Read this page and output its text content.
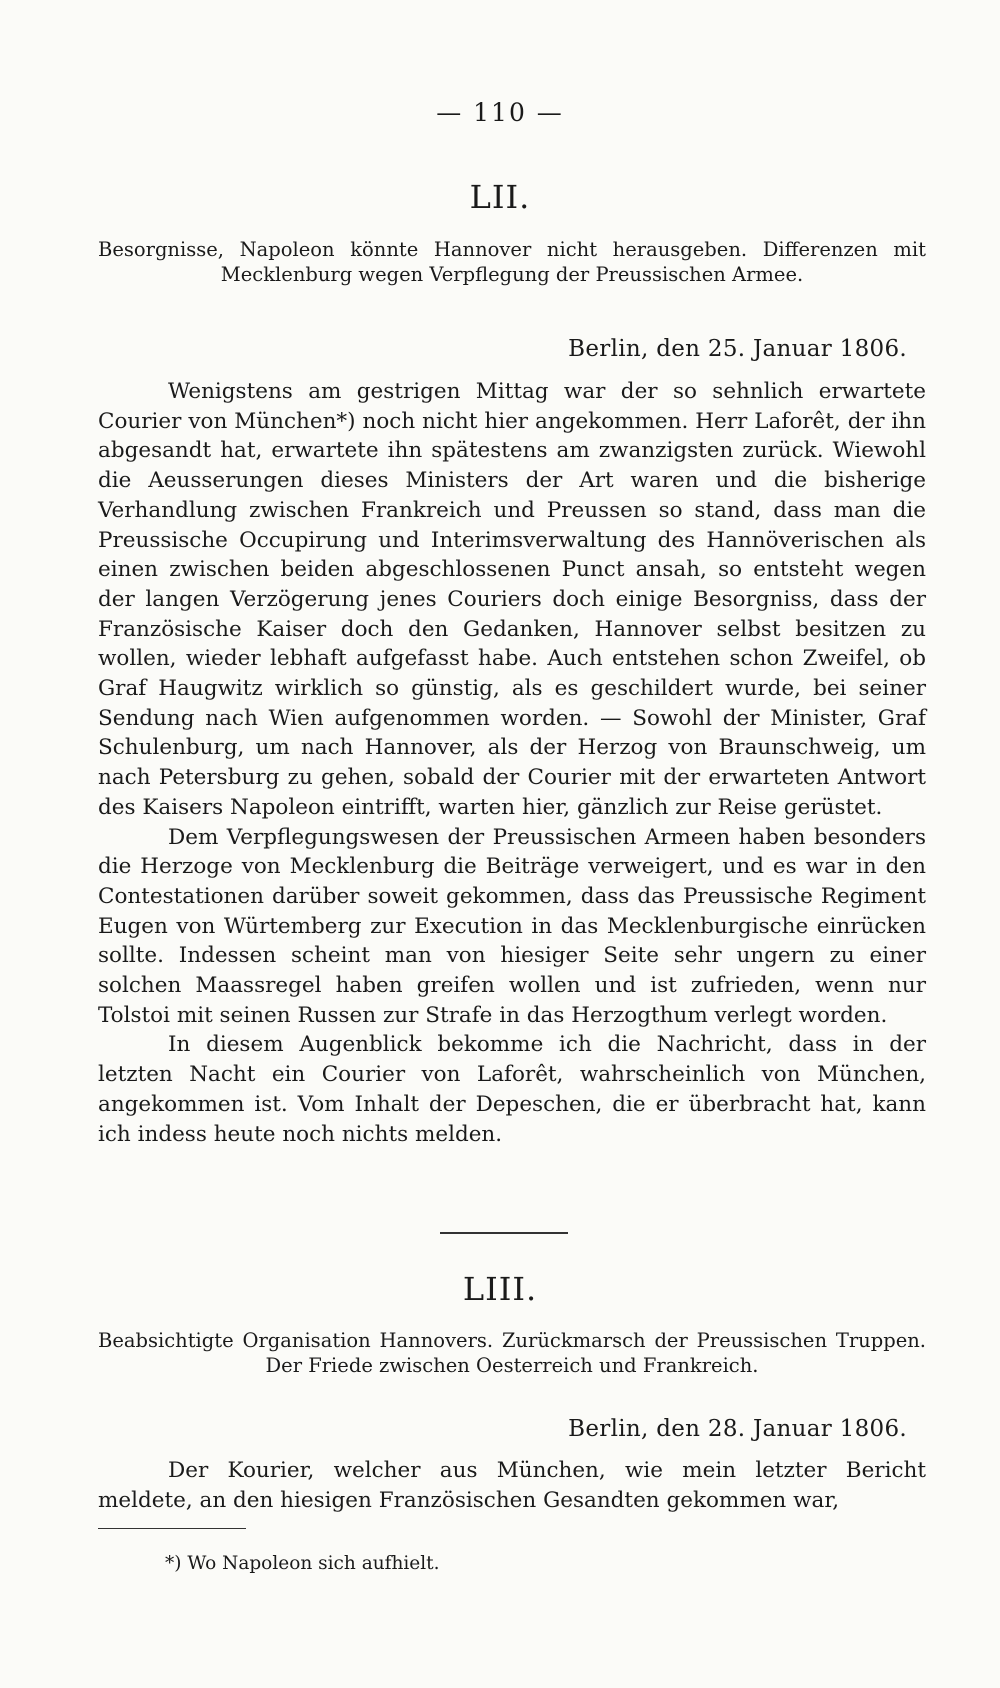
— 110 —
LII.
Besorgnisse, Napoleon könnte Hannover nicht herausgeben. Differenzen mit Mecklenburg wegen Verpflegung der Preussischen Armee.
Berlin, den 25. Januar 1806.

Wenigstens am gestrigen Mittag war der so sehnlich erwartete Courier von München*) noch nicht hier angekommen. Herr Laforêt, der ihn abgesandt hat, erwartete ihn spätestens am zwanzigsten zurück. Wiewohl die Aeusserungen dieses Ministers der Art waren und die bisherige Verhandlung zwischen Frankreich und Preussen so stand, dass man die Preussische Occupirung und Interimsverwaltung des Hannöverischen als einen zwischen beiden abgeschlossenen Punct ansah, so entsteht wegen der langen Verzögerung jenes Couriers doch einige Besorgniss, dass der Französische Kaiser doch den Gedanken, Hannover selbst besitzen zu wollen, wieder lebhaft aufgefasst habe. Auch entstehen schon Zweifel, ob Graf Haugwitz wirklich so günstig, als es geschildert wurde, bei seiner Sendung nach Wien aufgenommen worden. — Sowohl der Minister, Graf Schulenburg, um nach Hannover, als der Herzog von Braunschweig, um nach Petersburg zu gehen, sobald der Courier mit der erwarteten Antwort des Kaisers Napoleon eintrifft, warten hier, gänzlich zur Reise gerüstet.

Dem Verpflegungswesen der Preussischen Armeen haben besonders die Herzoge von Mecklenburg die Beiträge verweigert, und es war in den Contestationen darüber soweit gekommen, dass das Preussische Regiment Eugen von Würtemberg zur Execution in das Mecklenburgische einrücken sollte. Indessen scheint man von hiesiger Seite sehr ungern zu einer solchen Maassregel haben greifen wollen und ist zufrieden, wenn nur Tolstoi mit seinen Russen zur Strafe in das Herzogthum verlegt worden.

In diesem Augenblick bekomme ich die Nachricht, dass in der letzten Nacht ein Courier von Laforêt, wahrscheinlich von München, angekommen ist. Vom Inhalt der Depeschen, die er überbracht hat, kann ich indess heute noch nichts melden.

LIII.
Beabsichtigte Organisation Hannovers. Zurückmarsch der Preussischen Truppen. Der Friede zwischen Oesterreich und Frankreich.
Berlin, den 28. Januar 1806.

Der Kourier, welcher aus München, wie mein letzter Bericht meldete, an den hiesigen Französischen Gesandten gekommen war,

*) Wo Napoleon sich aufhielt.
